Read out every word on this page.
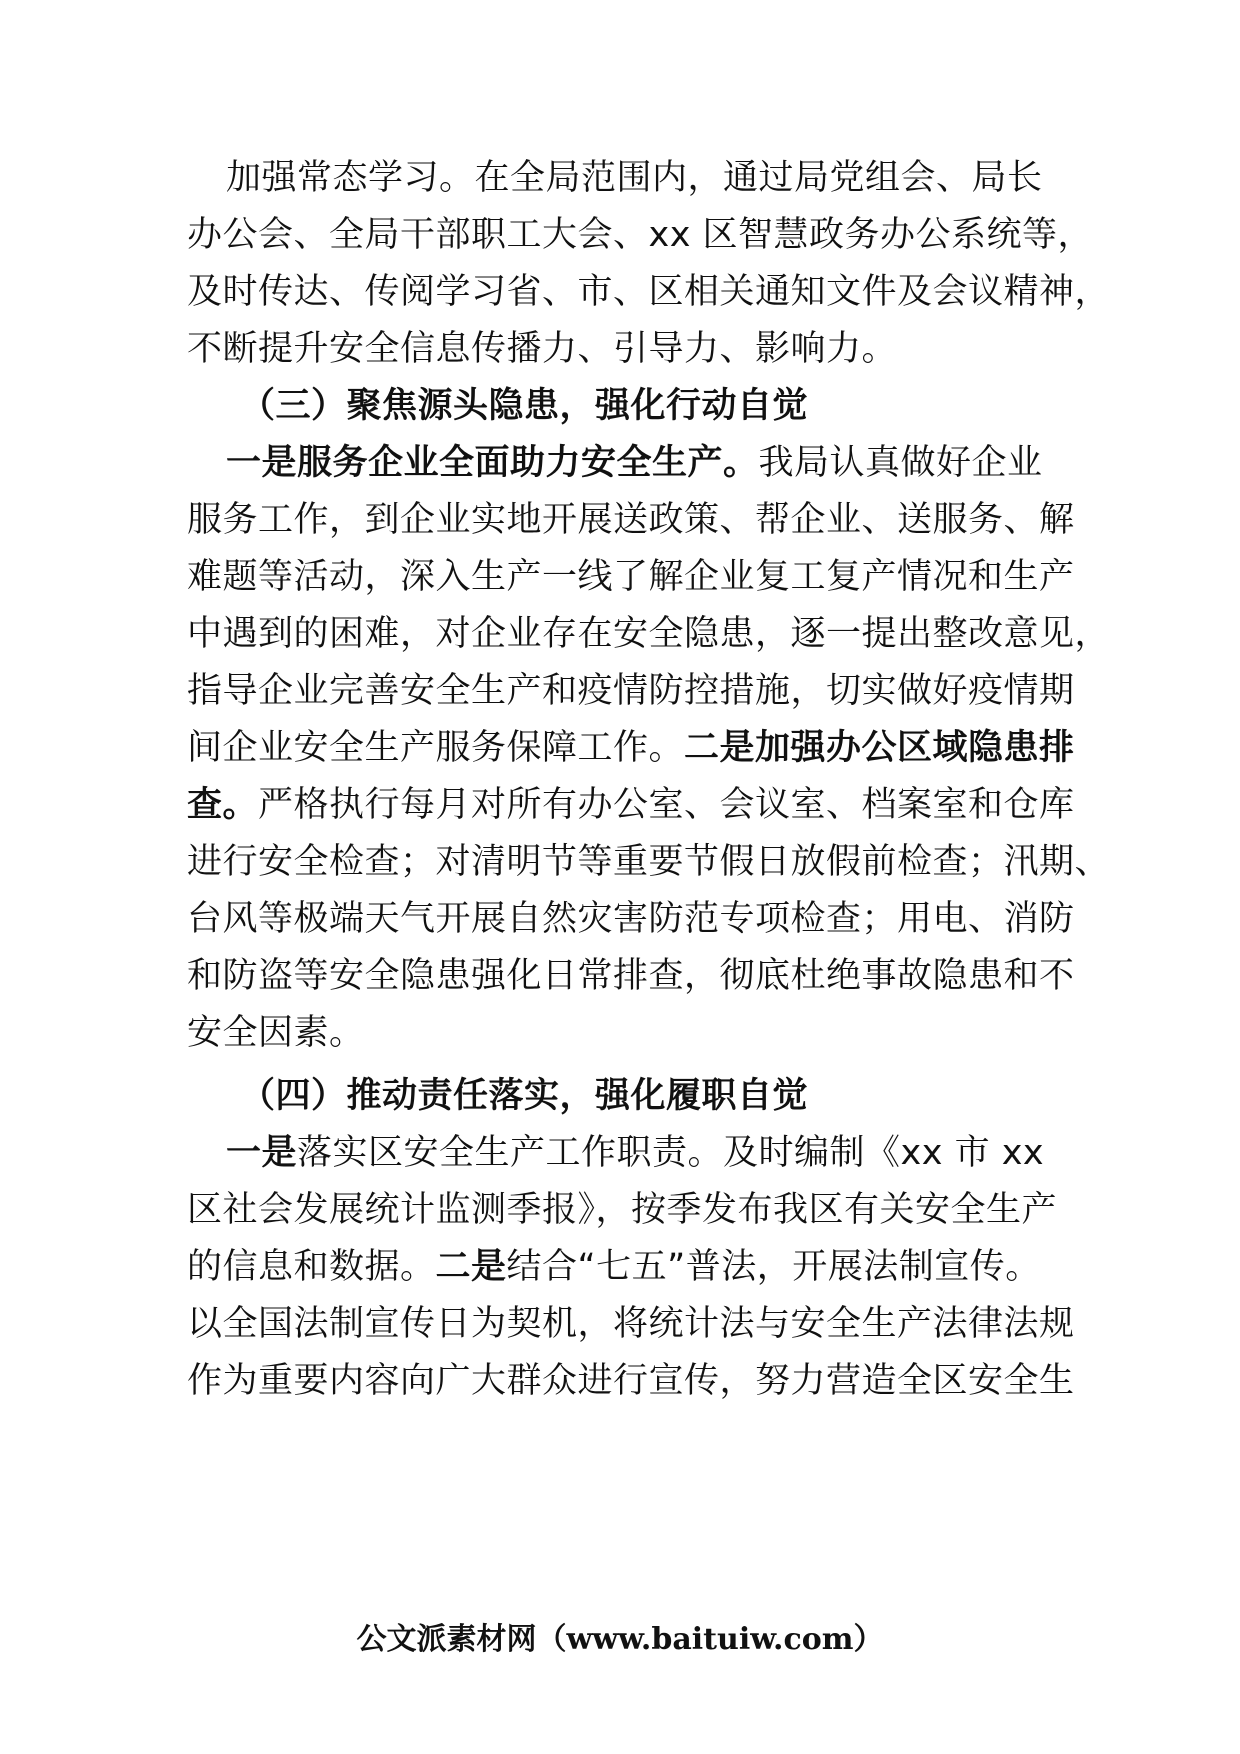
加强常态学习。在全局范围内，通过局党组会、局长
办公会、全局干部职工大会、xx 区智慧政务办公系统等，
及时传达、传阅学习省、市、区相关通知文件及会议精神，
不断提升安全信息传播力、引导力、影响力。
（三）聚焦源头隐患，强化行动自觉
一是服务企业全面助力安全生产。我局认真做好企业
服务工作，到企业实地开展送政策、帮企业、送服务、解
难题等活动，深入生产一线了解企业复工复产情况和生产
中遇到的困难，对企业存在安全隐患，逐一提出整改意见，
指导企业完善安全生产和疫情防控措施，切实做好疫情期
间企业安全生产服务保障工作。二是加强办公区域隐患排
查。严格执行每月对所有办公室、会议室、档案室和仓库
进行安全检查；对清明节等重要节假日放假前检查；汛期、
台风等极端天气开展自然灾害防范专项检查；用电、消防
和防盗等安全隐患强化日常排查，彻底杜绝事故隐患和不
安全因素。
（四）推动责任落实，强化履职自觉
一是落实区安全生产工作职责。及时编制《xx 市 xx
区社会发展统计监测季报》，按季发布我区有关安全生产
的信息和数据。二是结合“七五”普法，开展法制宣传。
以全国法制宣传日为契机，将统计法与安全生产法律法规
作为重要内容向广大群众进行宣传，努力营造全区安全生
公文派素材网（www.baituiw.com）
